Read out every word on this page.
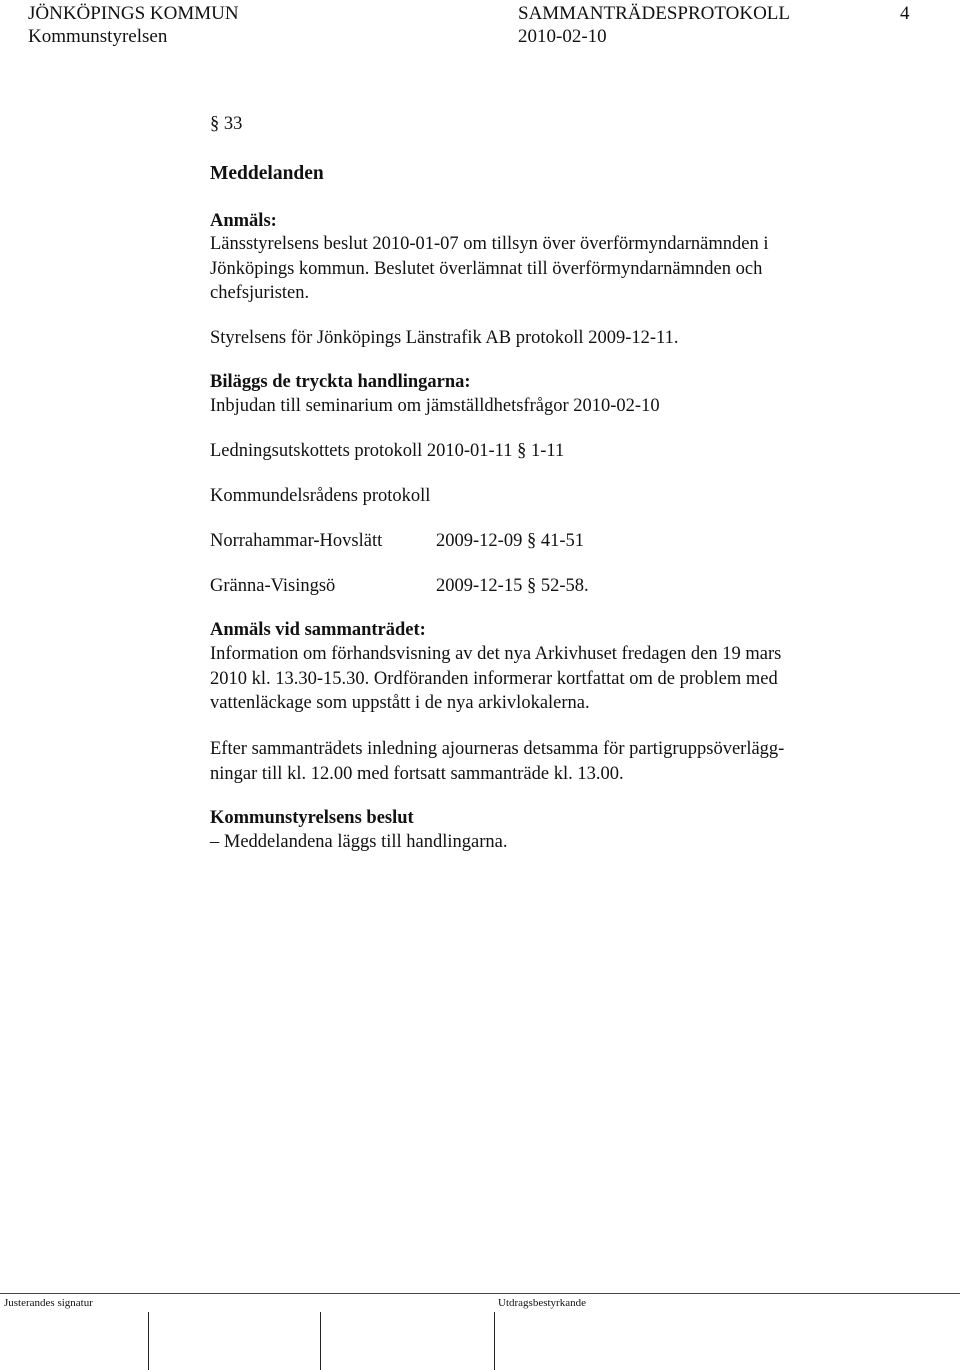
JÖNKÖPINGS KOMMUN	SAMMANTRÄDESPROTOKOLL	4
Kommunstyrelsen	2010-02-10
§ 33
Meddelanden
Anmäls:
Länsstyrelsens beslut 2010-01-07 om tillsyn över överförmyndarnämnden i
Jönköpings kommun. Beslutet överlämnat till överförmyndarnämnden och
chefsjuristen.
Styrelsens för Jönköpings Länstrafik AB protokoll 2009-12-11.
Biläggs de tryckta handlingarna:
Inbjudan till seminarium om jämställdhetsfrågor 2010-02-10
Ledningsutskottets protokoll 2010-01-11 § 1-11
Kommundelsrådens protokoll
Norrahammar-Hovslätt	2009-12-09 § 41-51
Gränna-Visingsö	2009-12-15 § 52-58.
Anmäls vid sammanträdet:
Information om förhandsvisning av det nya Arkivhuset fredagen den 19 mars
2010 kl. 13.30-15.30. Ordföranden informerar kortfattat om de problem med
vattenläckage som uppstått i de nya arkivlokalerna.
Efter sammanträdets inledning ajourneras detsamma för partigruppsöverlägg-
ningar till kl. 12.00 med fortsatt sammanträde kl. 13.00.
Kommunstyrelsens beslut
– Meddelandena läggs till handlingarna.
Justerandes signatur	Utdragsbestyrkande
